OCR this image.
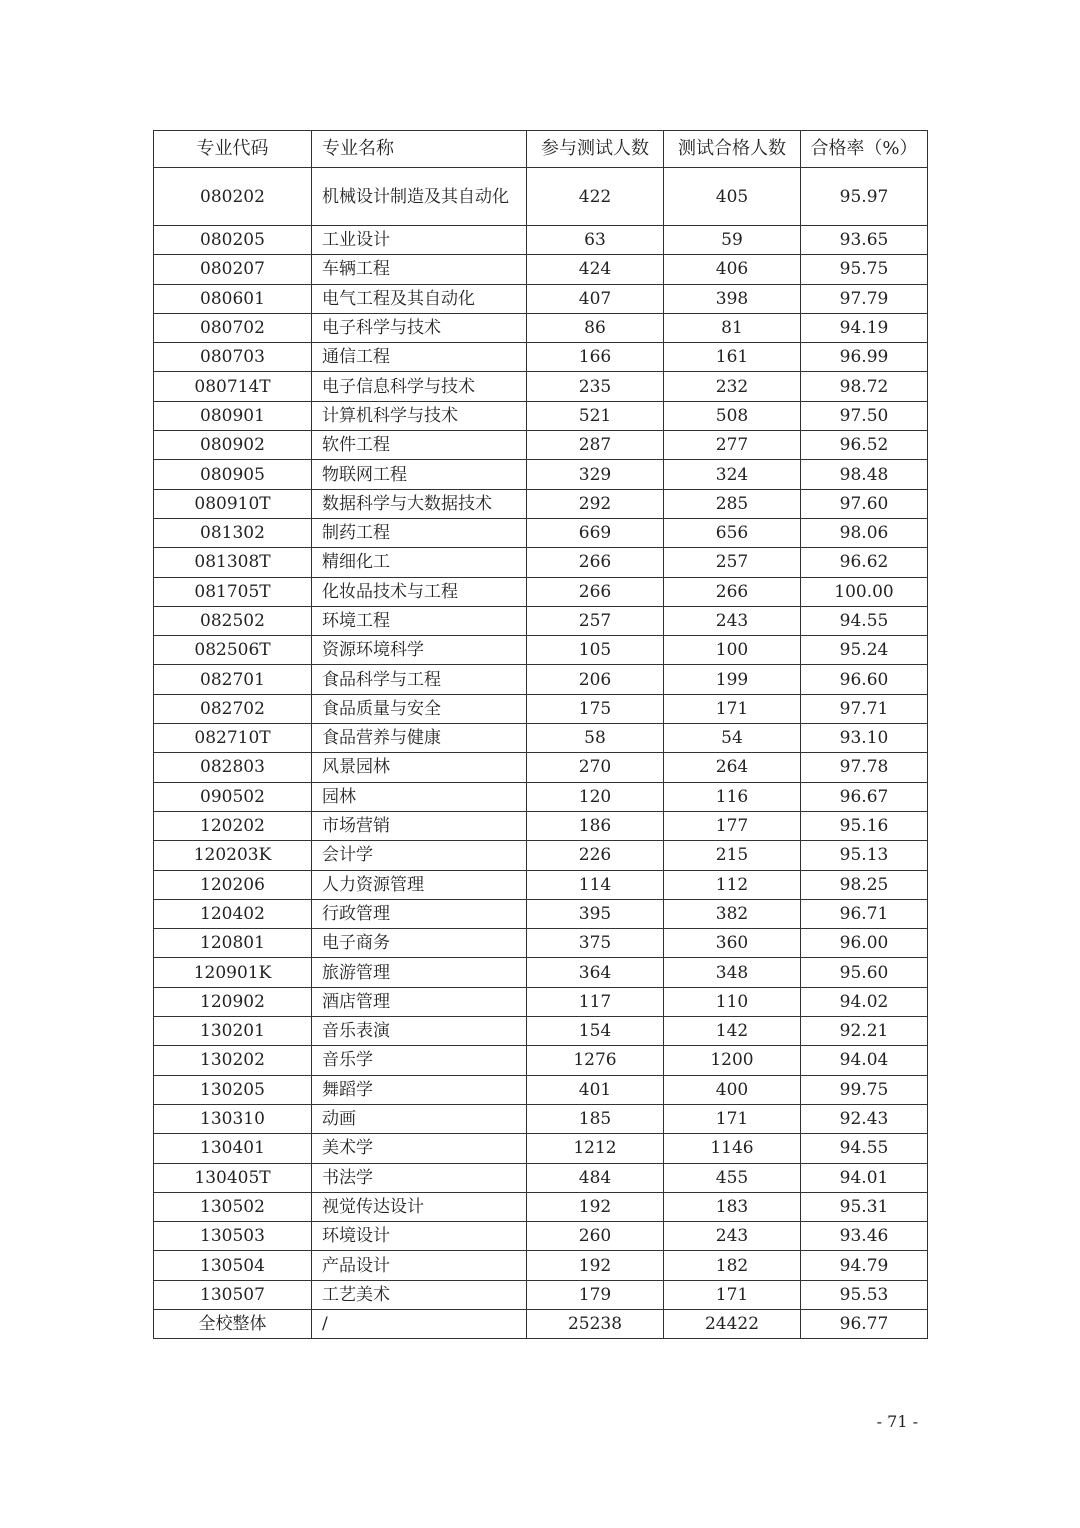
专业代码	专业名称	参与测试人数	测试合格人数	合格率（%）
080202	机械设计制造及其自动化	422	405	95.97
080205	工业设计	63	59	93.65
080207	车辆工程	424	406	95.75
080601	电气工程及其自动化	407	398	97.79
080702	电子科学与技术	86	81	94.19
080703	通信工程	166	161	96.99
080714T	电子信息科学与技术	235	232	98.72
080901	计算机科学与技术	521	508	97.50
080902	软件工程	287	277	96.52
080905	物联网工程	329	324	98.48
080910T	数据科学与大数据技术	292	285	97.60
081302	制药工程	669	656	98.06
081308T	精细化工	266	257	96.62
081705T	化妆品技术与工程	266	266	100.00
082502	环境工程	257	243	94.55
082506T	资源环境科学	105	100	95.24
082701	食品科学与工程	206	199	96.60
082702	食品质量与安全	175	171	97.71
082710T	食品营养与健康	58	54	93.10
082803	风景园林	270	264	97.78
090502	园林	120	116	96.67
120202	市场营销	186	177	95.16
120203K	会计学	226	215	95.13
120206	人力资源管理	114	112	98.25
120402	行政管理	395	382	96.71
120801	电子商务	375	360	96.00
120901K	旅游管理	364	348	95.60
120902	酒店管理	117	110	94.02
130201	音乐表演	154	142	92.21
130202	音乐学	1276	1200	94.04
130205	舞蹈学	401	400	99.75
130310	动画	185	171	92.43
130401	美术学	1212	1146	94.55
130405T	书法学	484	455	94.01
130502	视觉传达设计	192	183	95.31
130503	环境设计	260	243	93.46
130504	产品设计	192	182	94.79
130507	工艺美术	179	171	95.53
全校整体	/	25238	24422	96.77
- 71 -
